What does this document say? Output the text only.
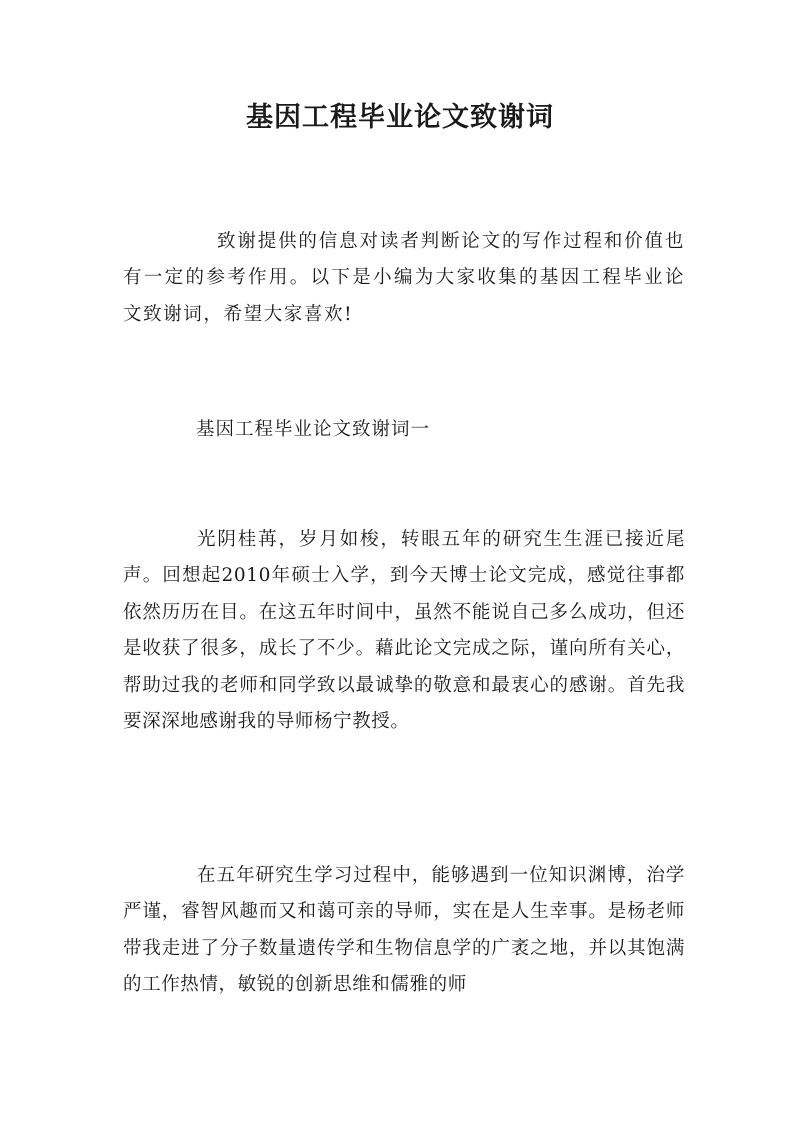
基因工程毕业论文致谢词

致谢提供的信息对读者判断论文的写作过程和价值也有一定的参考作用。以下是小编为大家收集的基因工程毕业论文致谢词，希望大家喜欢!

基因工程毕业论文致谢词一

光阴桂苒，岁月如梭，转眼五年的研究生生涯已接近尾声。回想起2010年硕士入学，到今天博士论文完成，感觉往事都依然历历在目。在这五年时间中，虽然不能说自己多么成功，但还是收获了很多，成长了不少。藉此论文完成之际，谨向所有关心，帮助过我的老师和同学致以最诚挚的敬意和最衷心的感谢。首先我要深深地感谢我的导师杨宁教授。

在五年研究生学习过程中，能够遇到一位知识渊博，治学严谨，睿智风趣而又和蔼可亲的导师，实在是人生幸事。是杨老师带我走进了分子数量遗传学和生物信息学的广袤之地，并以其饱满的工作热情，敏锐的创新思维和儒雅的师
